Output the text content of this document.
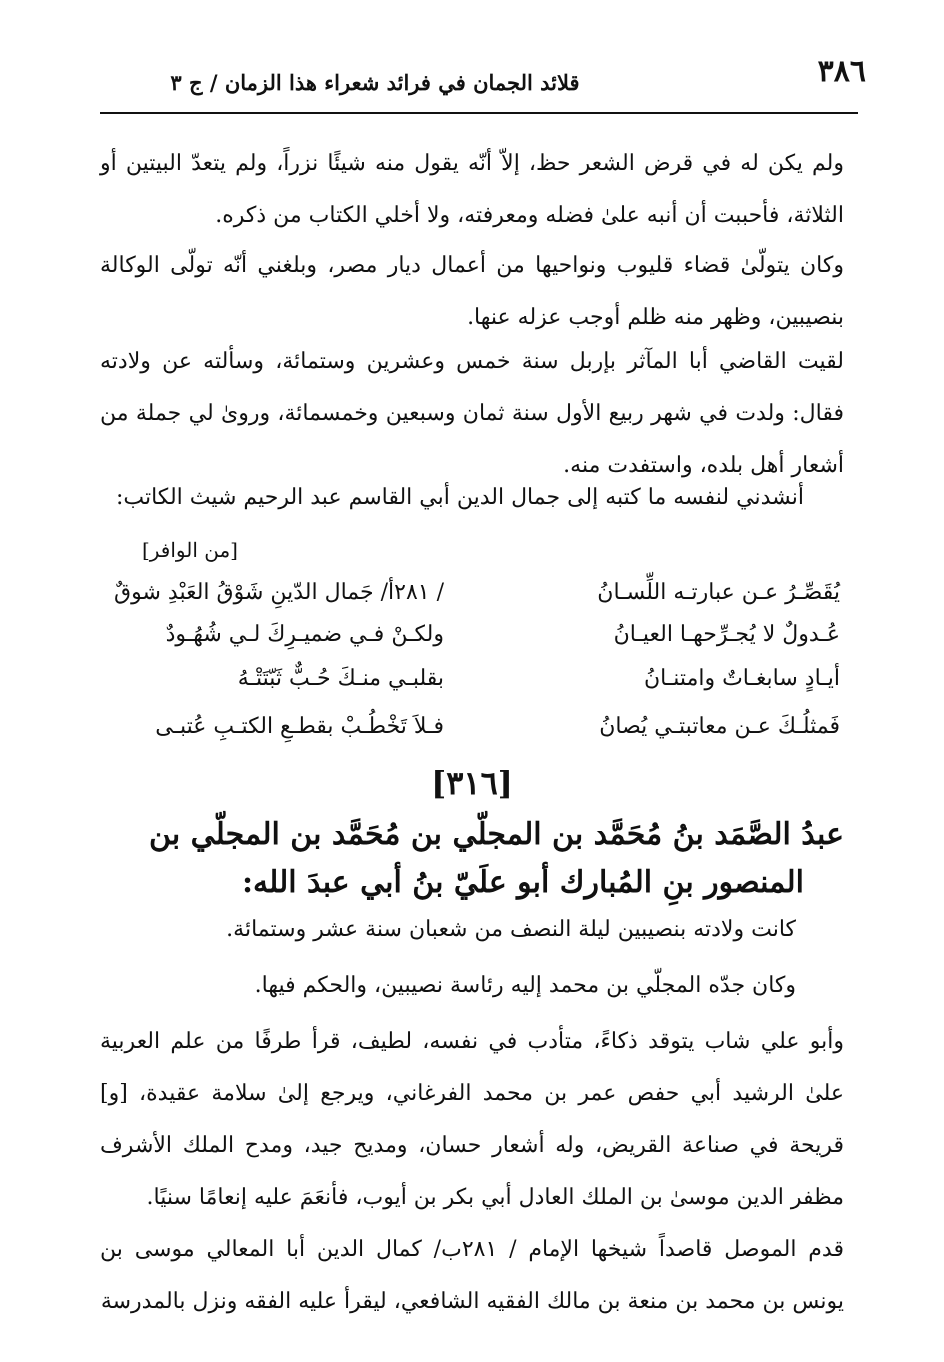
٣٨٦
قلائد الجمان في فرائد شعراء هذا الزمان / ج ٣
ولم يكن له في قرض الشعر حظ، إلاّ أنّه يقول منه شيئًا نزراً، ولم يتعدّ البيتين أو الثلاثة، فأحببت أن أنبه علىٰ فضله ومعرفته، ولا أخلي الكتاب من ذكره.
وكان يتولّىٰ قضاء قليوب ونواحيها من أعمال ديار مصر، وبلغني أنّه تولّى الوكالة بنصيبين، وظهر منه ظلم أوجب عزله عنها.
لقيت القاضي أبا المآثر بإربل سنة خمس وعشرين وستمائة، وسألته عن ولادته فقال: ولدت في شهر ربيع الأول سنة ثمان وسبعين وخمسمائة، وروىٰ لي جملة من أشعار أهل بلده، واستفدت منه.
أنشدني لنفسه ما كتبه إلى جمال الدين أبي القاسم عبد الرحيم شيث الكاتب:
[من الوافر]
/ ٢٨١أ/ جَمال الدّينِ شَوْقُ العَبْدِ شوقٌ	يُقَصِّـرُ عـن عبارتـه اللِّسـانُ
ولكـنْ فـي ضميـرِكَ لـي شُهُـودٌ	عُـدولٌ لا يُجـرِّحهـا العيـانُ
بقلبـي منـكَ حُـبٌّ ثَبّتَتْـهُ	أيـادٍ سابغـاتٌ وامتنـانُ
فـلاَ تَخْطُـبْ بقطـعِ الكتـبِ عُتبـى	فَمثلُـكَ عـن معاتبتـي يُصانُ
[٣١٦]
عبدُ الصَّمَد بنُ مُحَمَّد بن المجلّي بن مُحَمَّد بن المجلّي بن
المنصور بنِ المُبارك أبو علَيّ بنُ أبي عبدَ الله:
كانت ولادته بنصيبين ليلة النصف من شعبان سنة عشر وستمائة.
وكان جدّه المجلّي بن محمد إليه رئاسة نصيبين، والحكم فيها.
وأبو علي شاب يتوقد ذكاءً، متأدب في نفسه، لطيف، قرأ طرفًا من علم العربية علىٰ الرشيد أبي حفص عمر بن محمد الفرغاني، ويرجع إلىٰ سلامة عقيدة، [و] قريحة في صناعة القريض، وله أشعار حسان، ومديح جيد، ومدح الملك الأشرف مظفر الدين موسىٰ بن الملك العادل أبي بكر بن أيوب، فأنعَمَ عليه إنعامًا سنيًا.
قدم الموصل قاصداً شيخها الإمام / ٢٨١ب/ كمال الدين أبا المعالي موسى بن يونس بن محمد بن منعة بن مالك الفقيه الشافعي، ليقرأ عليه الفقه ونزل بالمدرسة
